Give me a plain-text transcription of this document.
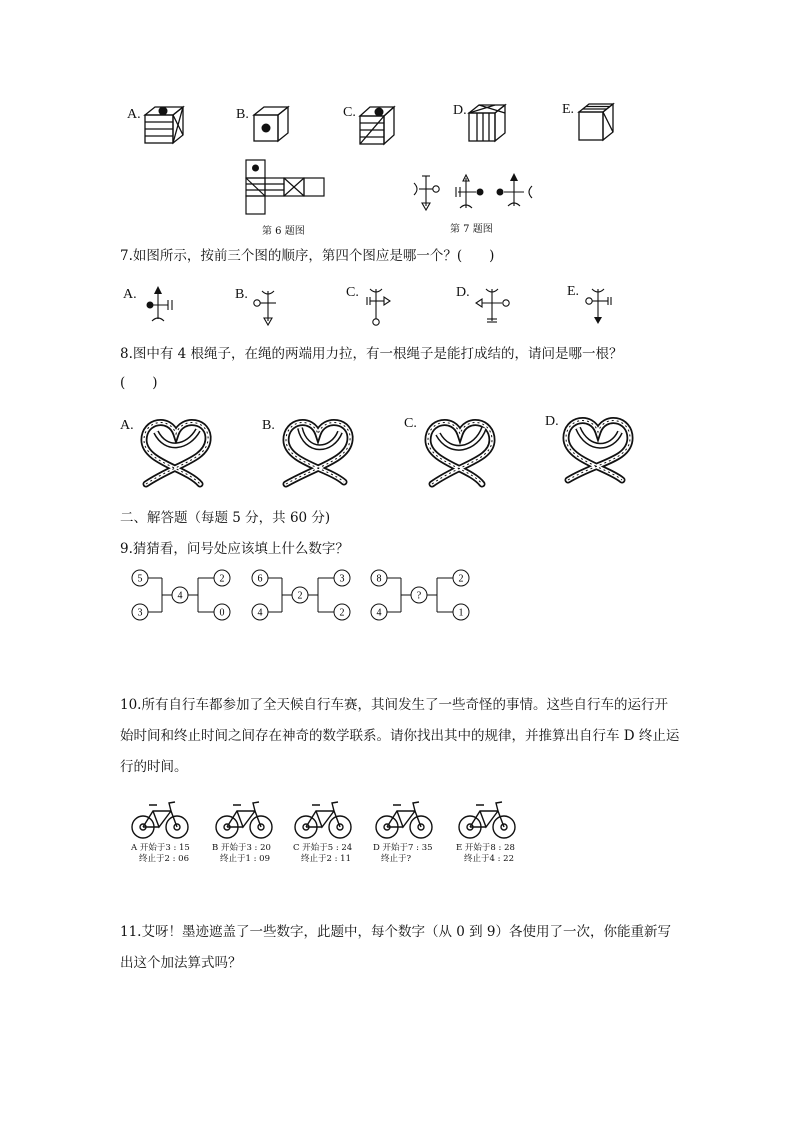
A.	B.	C.	D.	E.
第 6 题图	第 7 题图
7.如图所示，按前三个图的顺序，第四个图应是哪一个？(　　)
A.	B.	C.	D.	E.
8.图中有 4 根绳子，在绳的两端用力拉，有一根绳子是能打成结的，请问是哪一根？
(　　)
A.	B.	C.	D.
二、解答题（每题 5 分，共 60 分)
9.猜猜看，问号处应该填上什么数字？
5
3
4
2
0
6
4
2
3
2
8
4
?
2
1
10.所有自行车都参加了全天候自行车赛，其间发生了一些奇怪的事情。这些自行车的运行开始时间和终止时间之间存在神奇的数学联系。请你找出其中的规律，并推算出自行车 D 终止运行的时间。
A 开始于3 : 15
终止于2 : 06
B 开始于3 : 20
终止于1 : 09
C 开始于5 : 24
终止于2 : 11
D 开始于7 : 35
终止于?
E 开始于8 : 28
终止于4 : 22
11.艾呀！墨迹遮盖了一些数字，此题中，每个数字（从 0 到 9）各使用了一次，你能重新写出这个加法算式吗？
